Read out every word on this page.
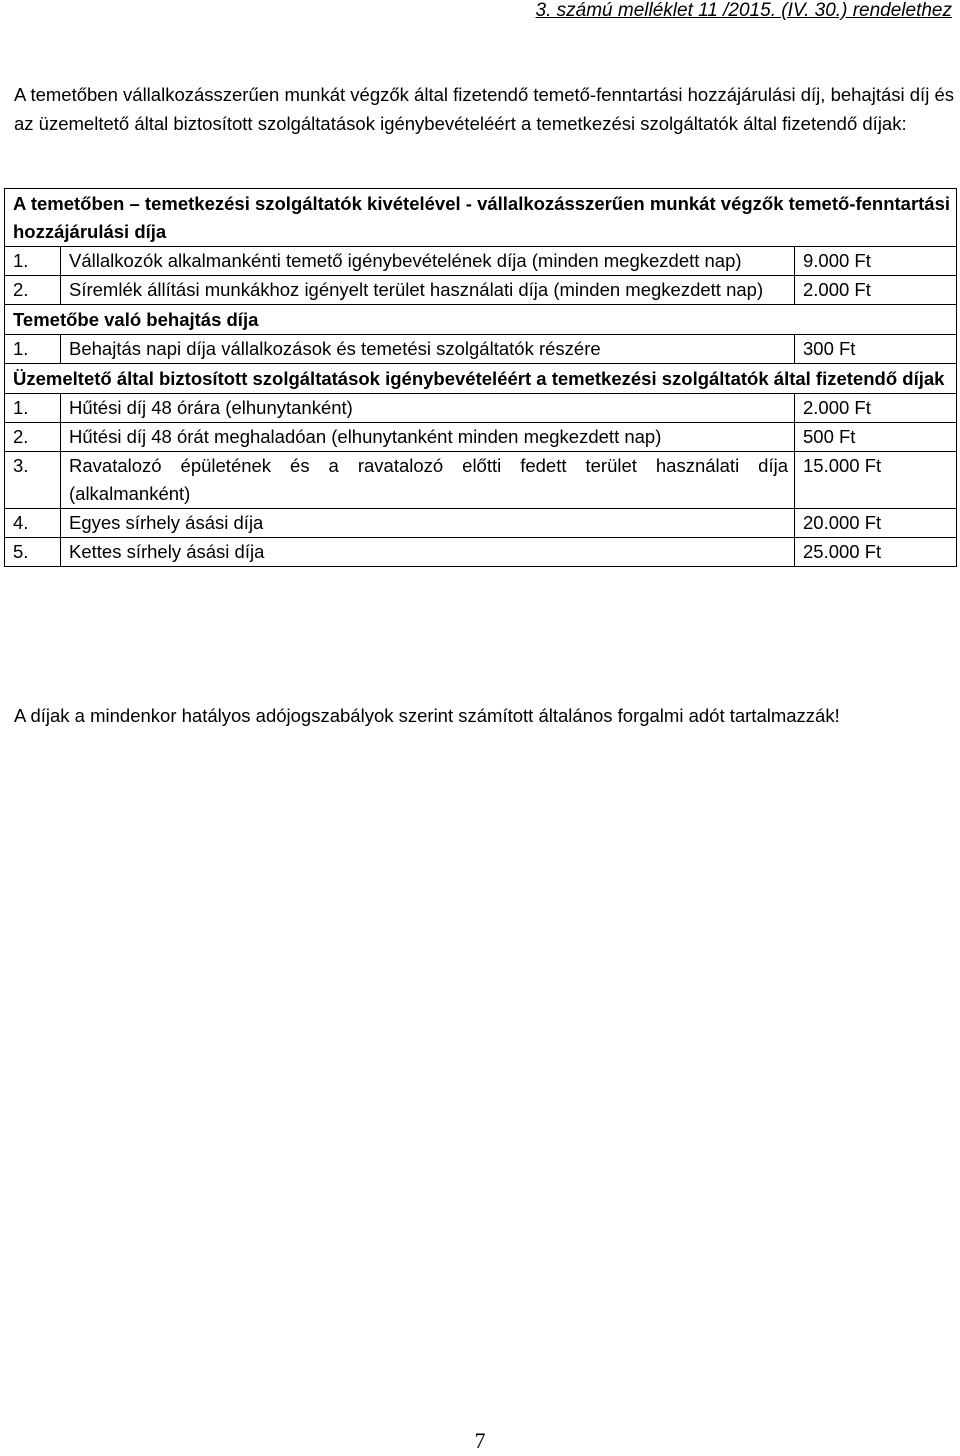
3. számú melléklet 11 /2015. (IV. 30.) rendelethez

A temetőben vállalkozásszerűen munkát végzők által fizetendő temető-fenntartási hozzájárulási díj, behajtási díj és az üzemeltető által biztosított szolgáltatások igénybevételéért a temetkezési szolgáltatók által fizetendő díjak:

A temetőben – temetkezési szolgáltatók kivételével - vállalkozásszerűen munkát végzők temető-fenntartási hozzájárulási díja		
1.	Vállalkozók alkalmankénti temető igénybevételének díja (minden megkezdett nap)	9.000 Ft
2.	Síremlék állítási munkákhoz igényelt terület használati díja (minden megkezdett nap)	2.000 Ft
Temetőbe való behajtás díja		
1.	Behajtás napi díja vállalkozások és temetési szolgáltatók részére	300 Ft
Üzemeltető által biztosított szolgáltatások igénybevételéért a temetkezési szolgáltatók által fizetendő díjak		
1.	Hűtési díj 48 órára (elhunytanként)	2.000 Ft
2.	Hűtési díj 48 órát meghaladóan (elhunytanként minden megkezdett nap)	500 Ft
3.	Ravatalozó épületének és a ravatalozó előtti fedett terület használati díja (alkalmanként)	15.000 Ft
4.	Egyes sírhely ásási díja	20.000 Ft
5.	Kettes sírhely ásási díja	25.000 Ft
A díjak a mindenkor hatályos adójogszabályok szerint számított általános forgalmi adót tartalmazzák!
7
